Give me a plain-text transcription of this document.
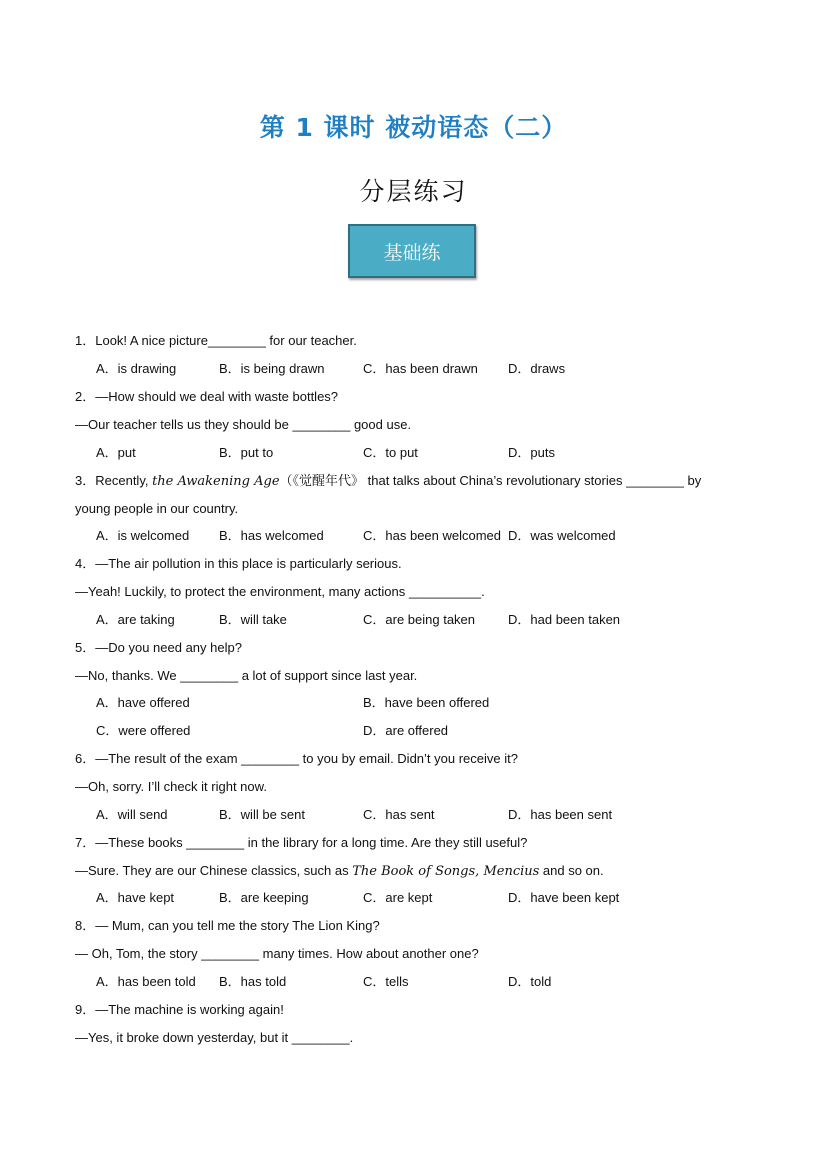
第 1 课时 被动语态（二）
分层练习
基础练
1．Look! A nice picture________ for our teacher.
A．is drawing	B．is being drawn	C．has been drawn D．draws
2．—How should we deal with waste bottles?
—Our teacher tells us they should be ________ good use.
A．put	B．put to	C．to put	D．puts
3．Recently, the Awakening Age（《觉醒年代》 that talks about China’s revolutionary stories ________ by
young people in our country.
A．is welcomed B．has welcomed	C．has been welcomed D．was welcomed
4．—The air pollution in this place is particularly serious.
—Yeah! Luckily, to protect the environment, many actions __________.
A．are taking	B．will take	C．are being taken	D．had been taken
5．—Do you need any help?
—No, thanks. We ________ a lot of support since last year.
A．have offered	B．have been offered
C．were offered	D．are offered
6．—The result of the exam ________ to you by email. Didn’t you receive it?
—Oh, sorry. I’ll check it right now.
A．will send	B．will be sent	C．has sent	D．has been sent
7．—These books ________ in the library for a long time. Are they still useful?
—Sure. They are our Chinese classics, such as The Book of Songs, Mencius and so on.
A．have kept	B．are keeping	C．are kept	D．have been kept
8．— Mum, can you tell me the story The Lion King?
— Oh, Tom, the story ________ many times. How about another one?
A．has been told B．has told	C．tells	D．told
9．—The machine is working again!
—Yes, it broke down yesterday, but it ________.
